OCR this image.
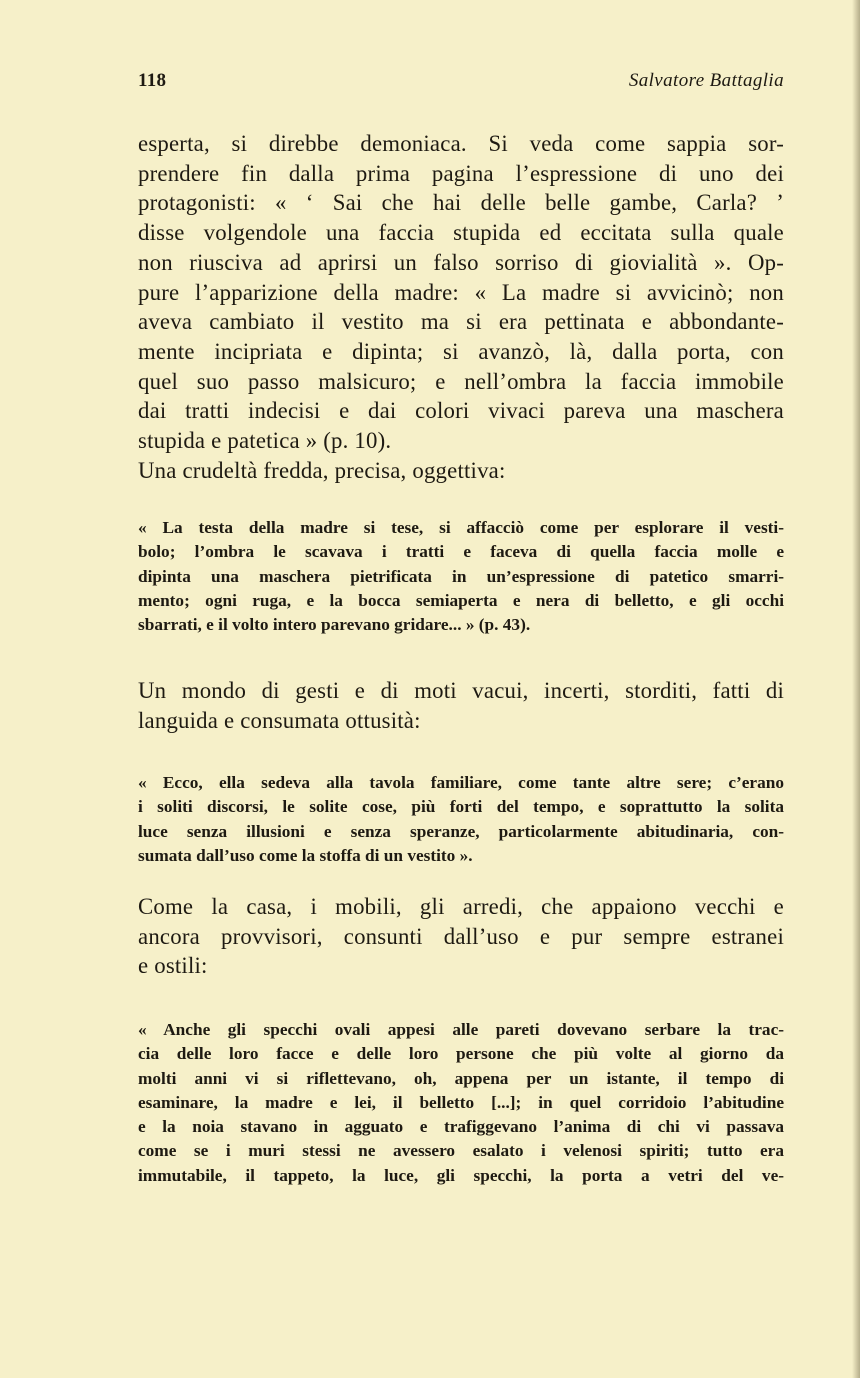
118	Salvatore Battaglia
esperta, si direbbe demoniaca. Si veda come sappia sor-
prendere fin dalla prima pagina l’espressione di uno dei
protagonisti: « ‘ Sai che hai delle belle gambe, Carla? ’
disse volgendole una faccia stupida ed eccitata sulla quale
non riusciva ad aprirsi un falso sorriso di giovialità ». Op-
pure l’apparizione della madre: « La madre si avvicinò; non
aveva cambiato il vestito ma si era pettinata e abbondante-
mente incipriata e dipinta; si avanzò, là, dalla porta, con
quel suo passo malsicuro; e nell’ombra la faccia immobile
dai tratti indecisi e dai colori vivaci pareva una maschera
stupida e patetica » (p. 10).
Una crudeltà fredda, precisa, oggettiva:
« La testa della madre si tese, si affacciò come per esplorare il vesti-
bolo; l’ombra le scavava i tratti e faceva di quella faccia molle e
dipinta una maschera pietrificata in un’espressione di patetico smarri-
mento; ogni ruga, e la bocca semiaperta e nera di belletto, e gli occhi
sbarrati, e il volto intero parevano gridare... » (p. 43).
Un mondo di gesti e di moti vacui, incerti, storditi, fatti di
languida e consumata ottusità:
« Ecco, ella sedeva alla tavola familiare, come tante altre sere; c’erano
i soliti discorsi, le solite cose, più forti del tempo, e soprattutto la solita
luce senza illusioni e senza speranze, particolarmente abitudinaria, con-
sumata dall’uso come la stoffa di un vestito ».
Come la casa, i mobili, gli arredi, che appaiono vecchi e
ancora provvisori, consunti dall’uso e pur sempre estranei
e ostili:
« Anche gli specchi ovali appesi alle pareti dovevano serbare la trac-
cia delle loro facce e delle loro persone che più volte al giorno da
molti anni vi si riflettevano, oh, appena per un istante, il tempo di
esaminare, la madre e lei, il belletto [...]; in quel corridoio l’abitudine
e la noia stavano in agguato e trafiggevano l’anima di chi vi passava
come se i muri stessi ne avessero esalato i velenosi spiriti; tutto era
immutabile, il tappeto, la luce, gli specchi, la porta a vetri del ve-
